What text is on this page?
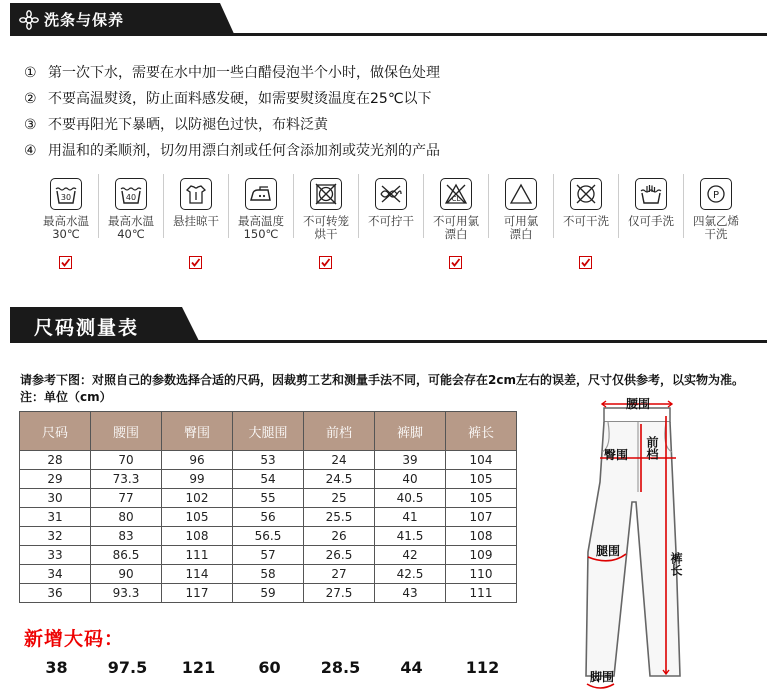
洗条与保养
① 第一次下水，需要在水中加一些白醋侵泡半个小时，做保色处理
② 不要高温熨烫，防止面料感发硬，如需要熨烫温度在25℃以下
③ 不要再阳光下暴晒，以防褪色过快，布料泛黄
④ 用温和的柔顺剂，切勿用漂白剂或任何含添加剂或荧光剂的产品
30
最高水温
30℃
40
最高水温
40℃
悬挂晾干	最高温度
150℃
不可转笼
烘干
不可拧干
CL
不可用氯
漂白
可用氯
漂白
不可干洗	仅可手洗
P
四氯乙烯
干洗
尺码测量表
请参考下图：对照自己的参数选择合适的尺码，因裁剪工艺和测量手法不同，可能会存在2cm左右的误差，尺寸仅供参考，以实物为准。注：单位（cm）
尺码	腰围	臀围	大腿围	前档	裤脚	裤长
28	70	96	53	24	39	104
29	73.3	99	54	24.5	40	105
30	77	102	55	25	40.5	105
31	80	105	56	25.5	41	107
32	83	108	56.5	26	41.5	108
33	86.5	111	57	26.5	42	109
34	90	114	58	27	42.5	110
36	93.3	117	59	27.5	43	111
新增大码：
38	97.5	121	60	28.5	44	112
腰围
臀围 前档
腿围
裤长
脚围
